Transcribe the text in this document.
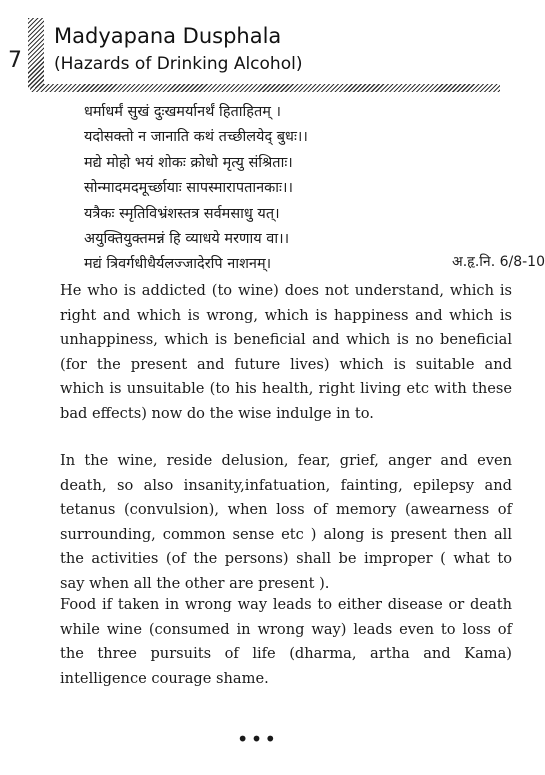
7
Madyapana Dusphala
(Hazards of Drinking Alcohol)
धर्माधर्मं सुखं दुःखमर्यानर्थं हिताहितम् ।
यदोसक्तो न जानाति कथं तच्छीलयेद् बुधः।।
मद्ये मोहो भयं शोकः क्रोधो मृत्यु संश्रिताः।
सोन्मादमदमूर्च्छायाः सापस्मारापतानकाः।।
यत्रैकः स्मृतिविभ्रंशस्तत्र सर्वमसाधु यत्।
अयुक्तियुक्तमन्नं हि व्याधये मरणाय वा।।
मद्यं त्रिवर्गधीधैर्यलज्जादेरपि नाशनम्।	अ.हृ.नि. 6/8-10

He who is addicted (to wine) does not understand, which is right and which is wrong, which is happiness and which is unhappiness, which is beneficial and which is no beneficial (for the present and future lives) which is suitable and which is unsuitable (to his health, right living etc with these bad effects) now do the wise indulge in to.

In the wine, reside delusion, fear, grief, anger and even death, so also insanity,infatuation, fainting, epilepsy and tetanus (convulsion), when loss of memory (awearness of surrounding, common sense etc ) along is present then all the activities (of the persons) shall be improper ( what to say when all the other are present ).

Food if taken in wrong way leads to either disease or death while wine (consumed in wrong way) leads even to loss of the three pursuits of life (dharma, artha and Kama) intelligence courage shame.

•••
